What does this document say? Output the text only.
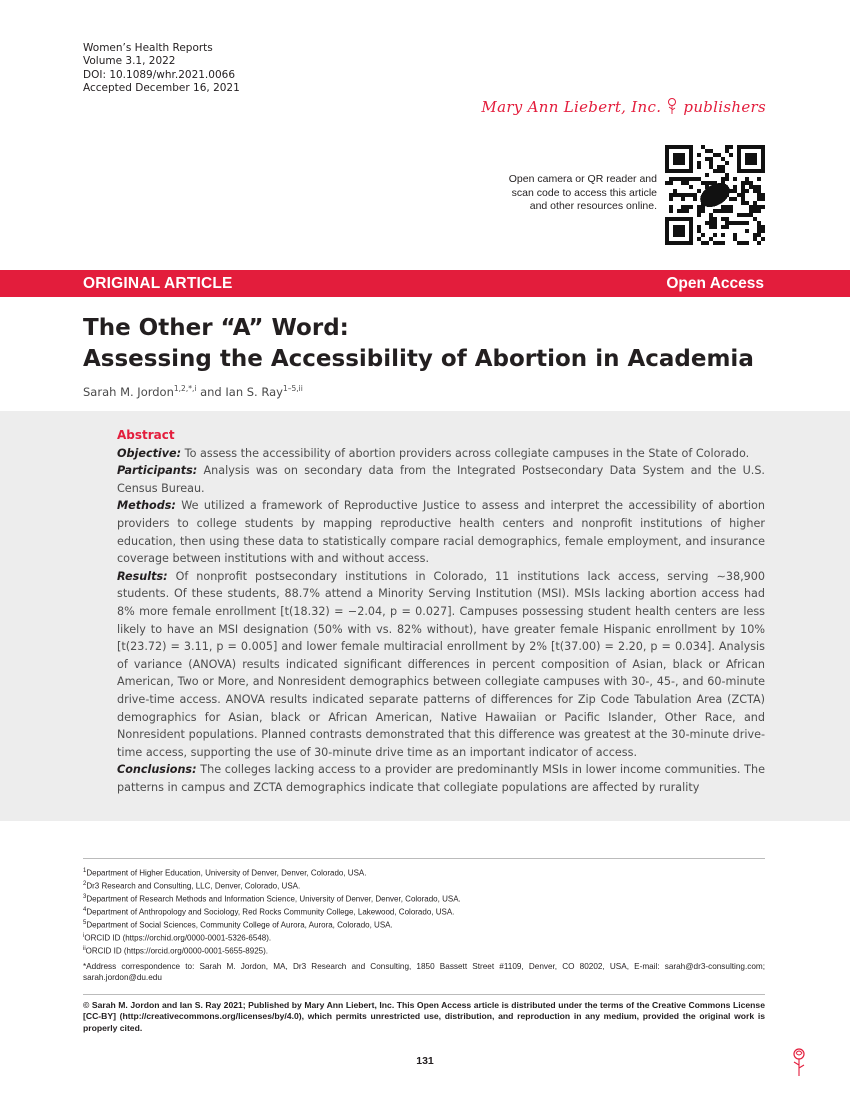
Women’s Health Reports
Volume 3.1, 2022
DOI: 10.1089/whr.2021.0066
Accepted December 16, 2021
Mary Ann Liebert, Inc. publishers
Open camera or QR reader and
scan code to access this article
and other resources online.
ORIGINAL ARTICLE	Open Access
The Other “A” Word:
Assessing the Accessibility of Abortion in Academia
Sarah M. Jordon$^{1,2,*,i}$ and Ian S. Ray$^{1-5,ii}$
Abstract

Objective: To assess the accessibility of abortion providers across collegiate campuses in the State of Colorado.

Participants: Analysis was on secondary data from the Integrated Postsecondary Data System and the U.S. Census Bureau.

Methods: We utilized a framework of Reproductive Justice to assess and interpret the accessibility of abortion providers to college students by mapping reproductive health centers and nonprofit institutions of higher education, then using these data to statistically compare racial demographics, female employment, and insurance coverage between institutions with and without access.

Results: Of nonprofit postsecondary institutions in Colorado, 11 institutions lack access, serving ∼38,900 students. Of these students, 88.7% attend a Minority Serving Institution (MSI). MSIs lacking abortion access had 8% more female enrollment [t(18.32) = −2.04, p = 0.027]. Campuses possessing student health centers are less likely to have an MSI designation (50% with vs. 82% without), have greater female Hispanic enrollment by 10% [t(23.72) = 3.11, p = 0.005] and lower female multiracial enrollment by 2% [t(37.00) = 2.20, p = 0.034]. Analysis of variance (ANOVA) results indicated significant differences in percent composition of Asian, black or African American, Two or More, and Nonresident demographics between collegiate campuses with 30-, 45-, and 60-minute drive-time access. ANOVA results indicated separate patterns of differences for Zip Code Tabulation Area (ZCTA) demographics for Asian, black or African American, Native Hawaiian or Pacific Islander, Other Race, and Nonresident populations. Planned contrasts demonstrated that this difference was greatest at the 30-minute drive-time access, supporting the use of 30-minute drive time as an important indicator of access.

Conclusions: The colleges lacking access to a provider are predominantly MSIs in lower income communities. The patterns in campus and ZCTA demographics indicate that collegiate populations are affected by rurality

$^1$Department of Higher Education, University of Denver, Denver, Colorado, USA.
$^2$Dr3 Research and Consulting, LLC, Denver, Colorado, USA.
$^3$Department of Research Methods and Information Science, University of Denver, Denver, Colorado, USA.
$^4$Department of Anthropology and Sociology, Red Rocks Community College, Lakewood, Colorado, USA.
$^5$Department of Social Sciences, Community College of Aurora, Aurora, Colorado, USA.
$^i$ORCID ID (https://orchid.org/0000-0001-5326-6548).
$^{ii}$ORCID ID (https://orcid.org/0000-0001-5655-8925).
*Address correspondence to: Sarah M. Jordon, MA, Dr3 Research and Consulting, 1850 Bassett Street #1109, Denver, CO 80202, USA, E-mail: sarah@dr3-consulting.com; sarah.jordon@du.edu
© Sarah M. Jordon and Ian S. Ray 2021; Published by Mary Ann Liebert, Inc. This Open Access article is distributed under the terms of the Creative Commons License [CC-BY] (http://creativecommons.org/licenses/by/4.0), which permits unrestricted use, distribution, and reproduction in any medium, provided the original work is properly cited.
131
